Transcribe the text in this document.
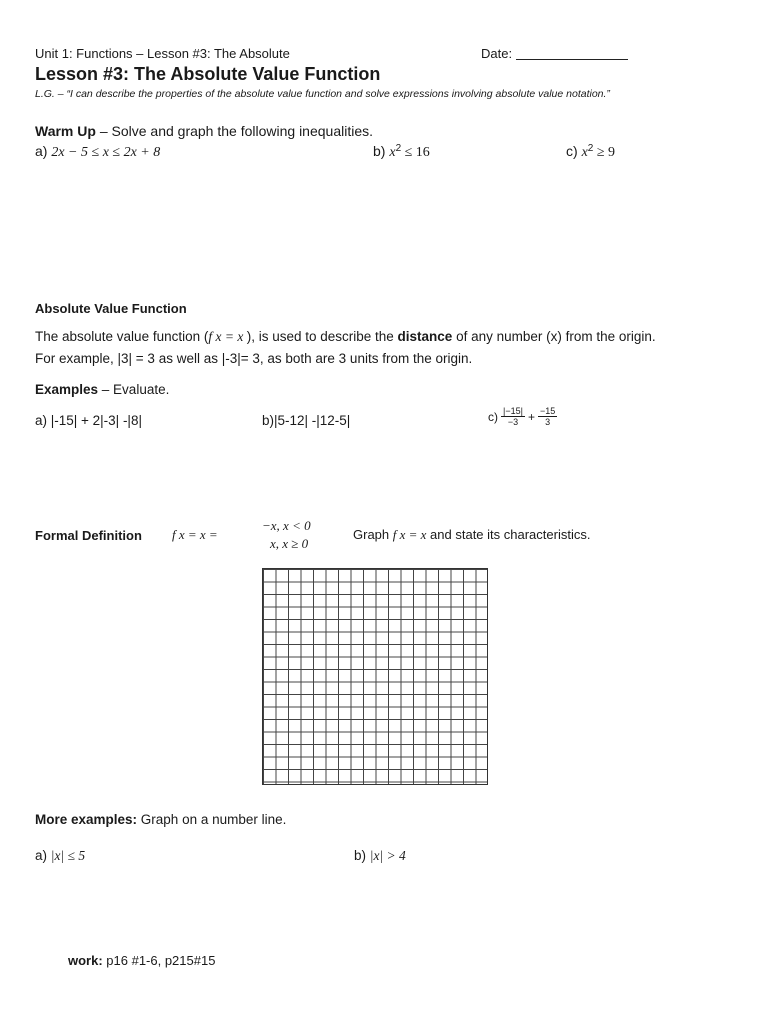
Unit 1: Functions – Lesson #3: The Absolute	Date:
Lesson #3: The Absolute Value Function
L.G. – “I can describe the properties of the absolute value function and solve expressions involving absolute value notation.”
Warm Up – Solve and graph the following inequalities.
a) 2x − 5 ≤ x ≤ 2x + 8	b) $x^2 \le 16$	c) $x^2 \ge 9$
Absolute Value Function
The absolute value function (f x = x ), is used to describe the distance of any number (x) from the origin.
For example, |3| = 3 as well as |-3|= 3, as both are 3 units from the origin.
Examples – Evaluate.
a) |-15| + 2|-3| -|8|	b)|5-12| -|12-5|	$c) \frac{|-15|}{-3} + \frac{-15}{3}$
Formal Definition f x = x =
−x, x < 0
x, x ≥ 0
Graph f x = x and state its characteristics.
More examples: Graph on a number line.
a) |x| ≤ 5	b) |x| > 4
work: p16 #1-6, p215#15
